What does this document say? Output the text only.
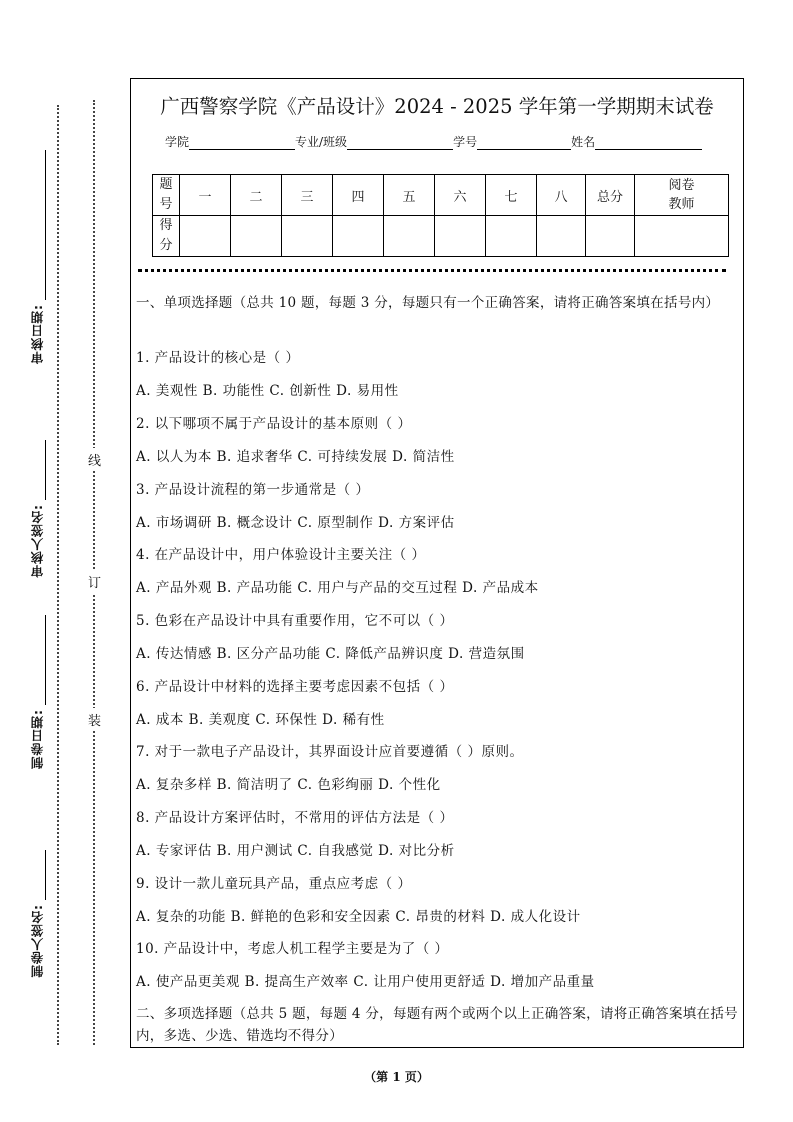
审核日期:
审核人签名:
制卷日期:
制卷人签名:
线
订
装
广西警察学院《产品设计》2024 - 2025 学年第一学期期末试卷
学院	专业/班级	学号	姓名
题号	一	二	三	四	五	六	七	八	总分	阅卷教师

得分										

一、单项选择题（总共 10 题，每题 3 分，每题只有一个正确答案，请将正确答案填在括号内）
1. 产品设计的核心是（ ）
A. 美观性 B. 功能性 C. 创新性 D. 易用性
2. 以下哪项不属于产品设计的基本原则（ ）
A. 以人为本 B. 追求奢华 C. 可持续发展 D. 简洁性
3. 产品设计流程的第一步通常是（ ）
A. 市场调研 B. 概念设计 C. 原型制作 D. 方案评估
4. 在产品设计中，用户体验设计主要关注（ ）
A. 产品外观 B. 产品功能 C. 用户与产品的交互过程 D. 产品成本
5. 色彩在产品设计中具有重要作用，它不可以（ ）
A. 传达情感 B. 区分产品功能 C. 降低产品辨识度 D. 营造氛围
6. 产品设计中材料的选择主要考虑因素不包括（ ）
A. 成本 B. 美观度 C. 环保性 D. 稀有性
7. 对于一款电子产品设计，其界面设计应首要遵循（ ）原则。
A. 复杂多样 B. 简洁明了 C. 色彩绚丽 D. 个性化
8. 产品设计方案评估时，不常用的评估方法是（ ）
A. 专家评估 B. 用户测试 C. 自我感觉 D. 对比分析
9. 设计一款儿童玩具产品，重点应考虑（ ）
A. 复杂的功能 B. 鲜艳的色彩和安全因素 C. 昂贵的材料 D. 成人化设计
10. 产品设计中，考虑人机工程学主要是为了（ ）
A. 使产品更美观 B. 提高生产效率 C. 让用户使用更舒适 D. 增加产品重量
二、多项选择题（总共 5 题，每题 4 分，每题有两个或两个以上正确答案，请将正确答案填在括号内，多选、少选、错选均不得分）
（第 1 页）
